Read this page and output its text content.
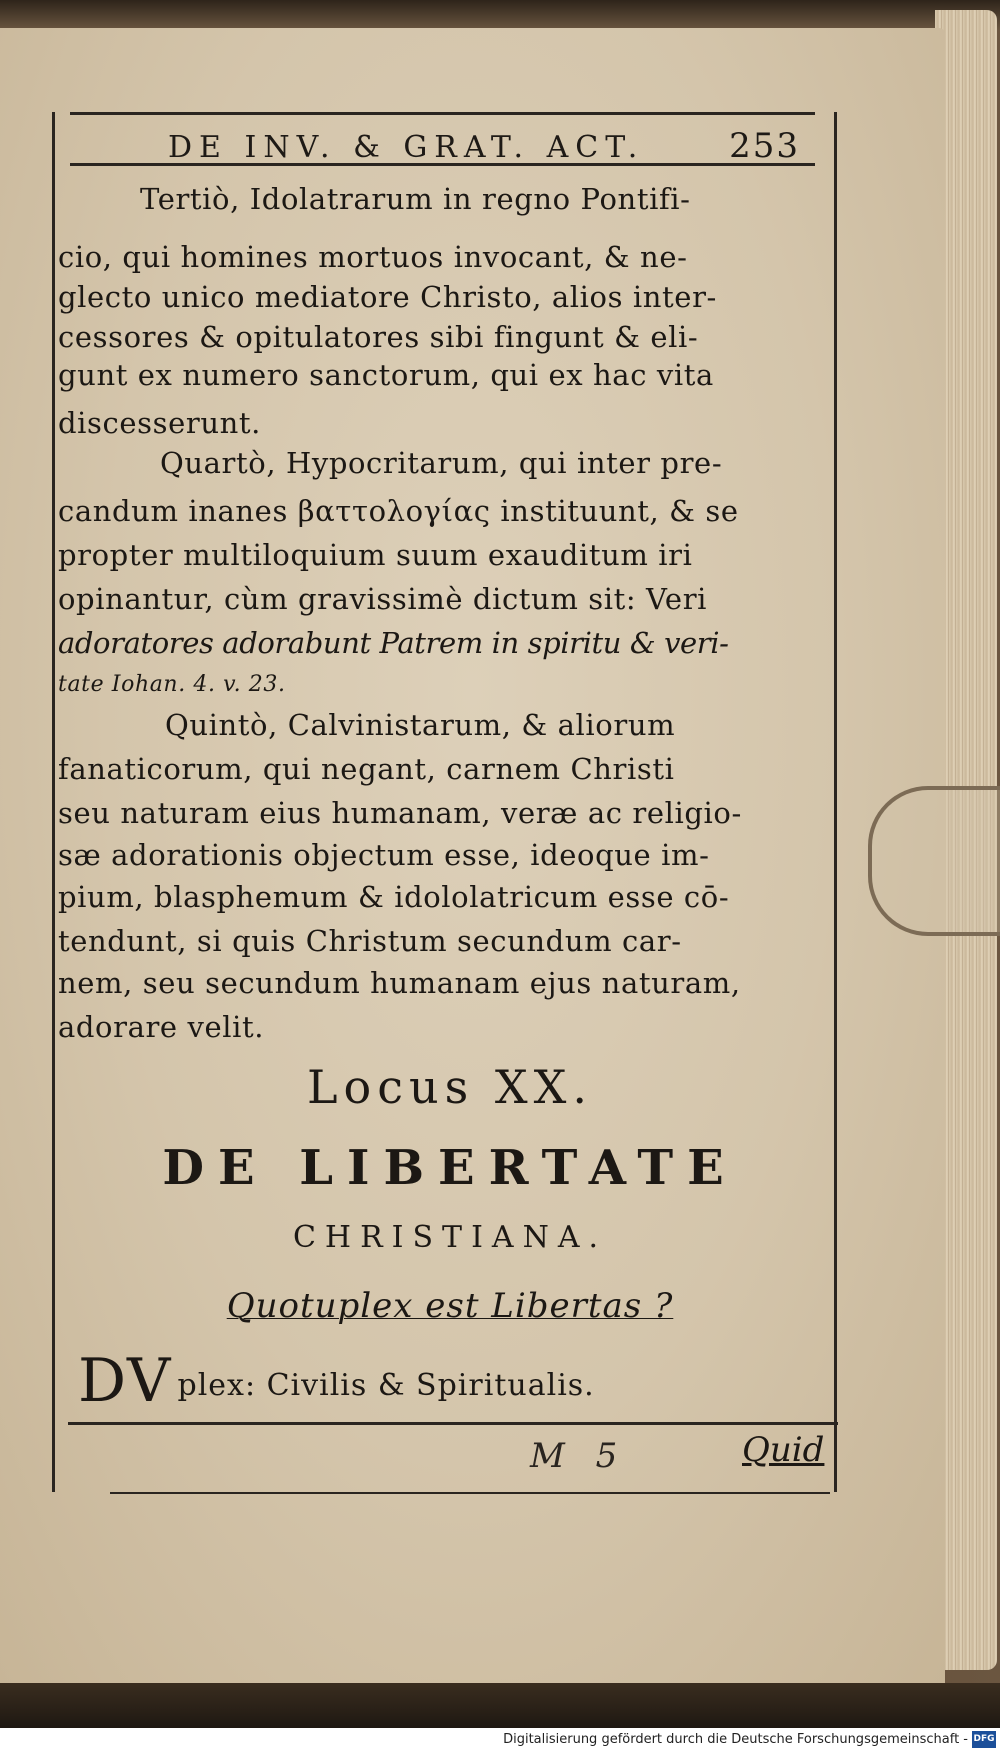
DE INV. & GRAT. ACT. 253
Tertiò, Idolatrarum in regno Pontifi-
cio, qui homines mortuos invocant, & ne-
glecto unico mediatore Christo, alios inter-
cessores & opitulatores sibi fingunt & eli-
gunt ex numero sanctorum, qui ex hac vita
discesserunt.
Quartò, Hypocritarum, qui inter pre-
candum inanes βαττολογίας instituunt, & se
propter multiloquium suum exauditum iri
opinantur, cùm gravissimè dictum sit: Veri
adoratores adorabunt Patrem in spiritu & veri-
tate Iohan. 4. v. 23.
Quintò, Calvinistarum, & aliorum
fanaticorum, qui negant, carnem Christi
seu naturam eius humanam, veræ ac religio-
sæ adorationis objectum esse, ideoque im-
pium, blasphemum & idololatricum esse cō-
tendunt, si quis Christum secundum car-
nem, seu secundum humanam ejus naturam,
adorare velit.
Locus XX.
DE LIBERTATE
CHRISTIANA.
Quotuplex est Libertas ?
DV plex: Civilis & Spiritualis.
M 5	Quid
Digitalisierung gefördert durch die Deutsche Forschungsgemeinschaft - DFG
